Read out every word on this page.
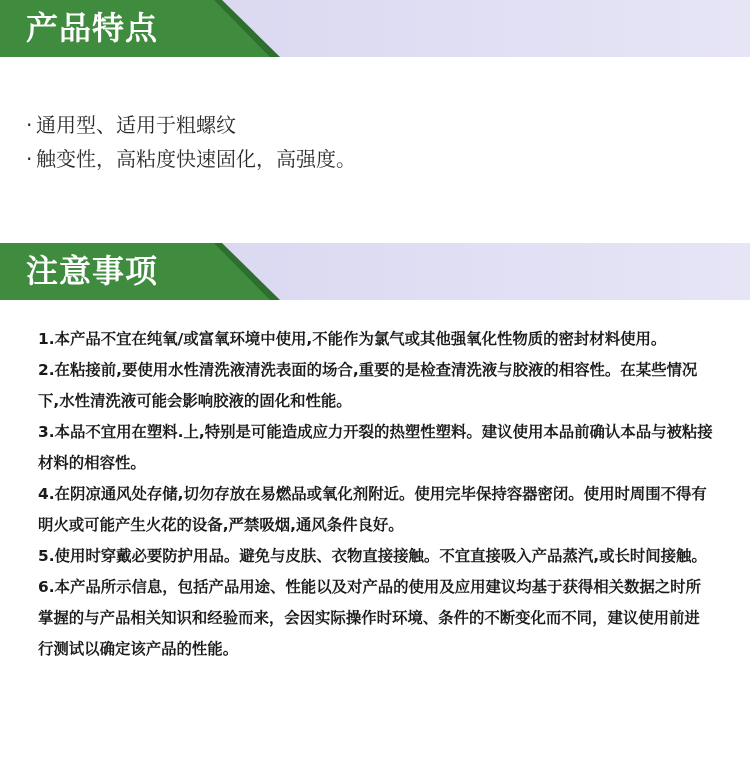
产品特点
· 通用型、适用于粗螺纹
· 触变性，高粘度快速固化，高强度。
注意事项

1.本产品不宜在纯氧/或富氧环境中使用,不能作为氯气或其他强氧化性物质的密封材料使用。

2.在粘接前,要使用水性清洗液清洗表面的场合,重要的是检查清洗液与胶液的相容性。在某些情况下,水性清洗液可能会影响胶液的固化和性能。

3.本品不宜用在塑料.上,特别是可能造成应力开裂的热塑性塑料。建议使用本品前确认本品与被粘接材料的相容性。

4.在阴凉通风处存储,切勿存放在易燃品或氧化剂附近。使用完毕保持容器密闭。使用时周围不得有明火或可能产生火花的设备,严禁吸烟,通风条件良好。

5.使用时穿戴必要防护用品。避免与皮肤、衣物直接接触。不宜直接吸入产品蒸汽,或长时间接触。

6.本产品所示信息，包括产品用途、性能以及对产品的使用及应用建议均基于获得相关数据之时所掌握的与产品相关知识和经验而来，会因实际操作时环境、条件的不断变化而不同，建议使用前进行测试以确定该产品的性能。
